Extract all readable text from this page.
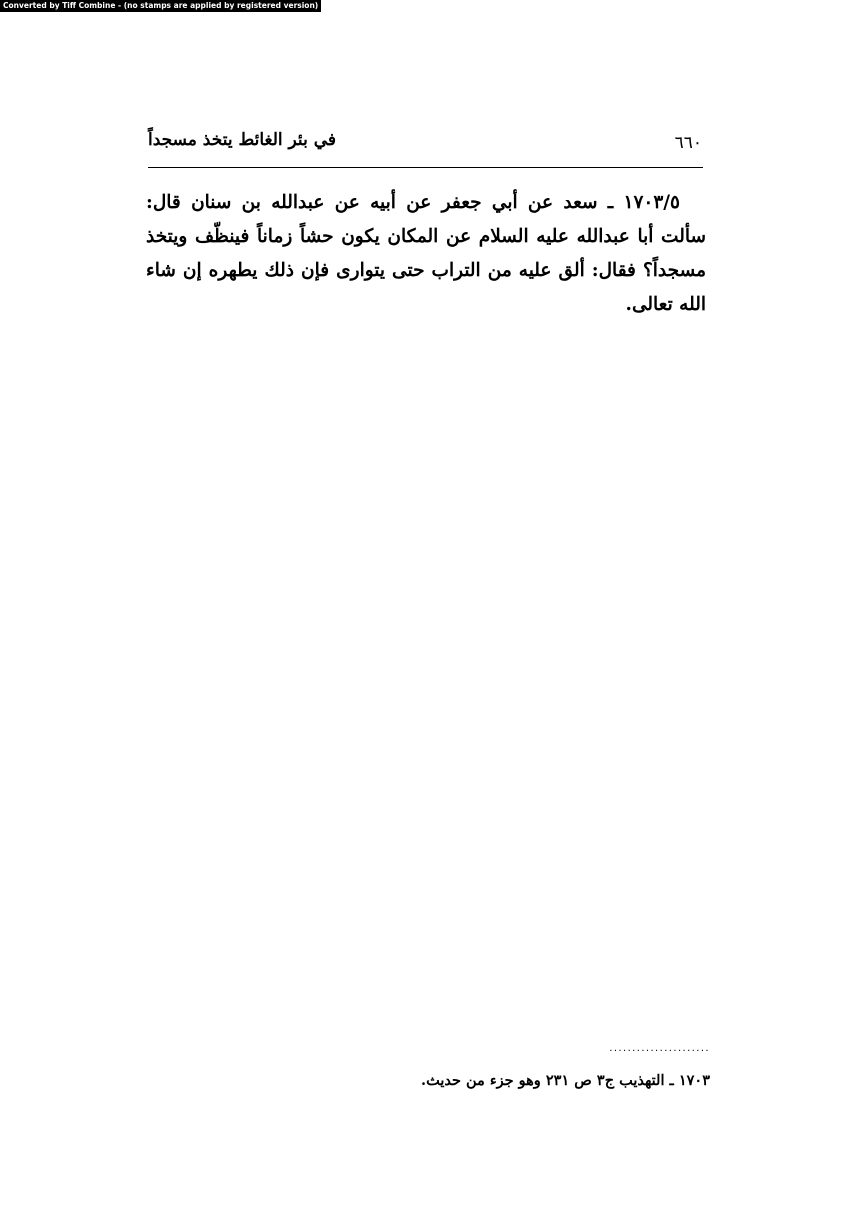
Converted by Tiff Combine - (no stamps are applied by registered version)
في بئر الغائط يتخذ مسجداً	٦٦٠

١٧٠٣/٥ ـ سعد عن أبي جعفر عن أبيه عن عبدالله بن سنان قال: سألت أبا عبدالله عليه السلام عن المكان يكون حشاً زماناً فينظّف ويتخذ مسجداً؟ فقال: ألق عليه من التراب حتى يتوارى فإن ذلك يطهره إن شاء الله تعالى.

......................
١٧٠٣ ـ التهذيب ج٣ ص ٢٣١ وهو جزء من حديث.
